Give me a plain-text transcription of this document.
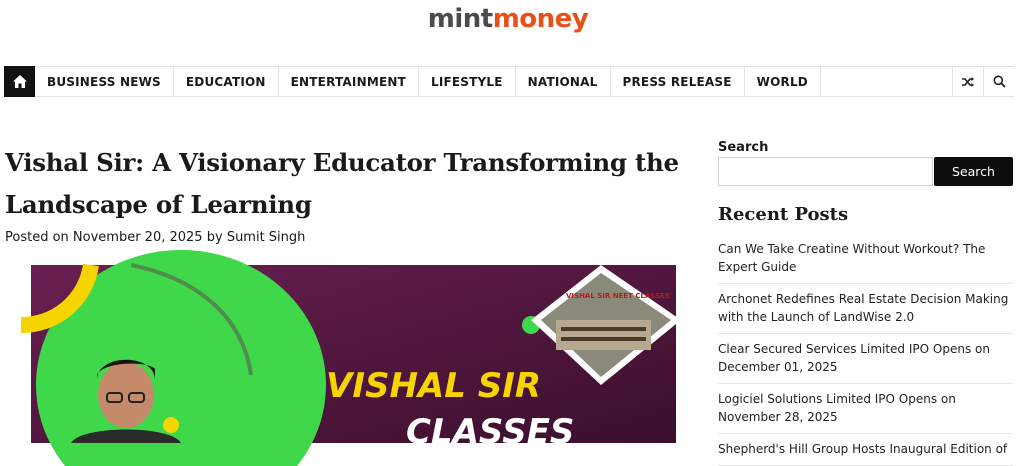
mintmoney
BUSINESS NEWS	EDUCATION	ENTERTAINMENT	LIFESTYLE	NATIONAL	PRESS RELEASE	WORLD
Vishal Sir: A Visionary Educator Transforming the Landscape of Learning
Posted on November 20, 2025 by Sumit Singh
VISHAL SIR NEET CLASSES
VISHAL SIR
CLASSES
Search
Search
Recent Posts
Can We Take Creatine Without Workout? The Expert Guide
Archonet Redefines Real Estate Decision Making with the Launch of LandWise 2.0
Clear Secured Services Limited IPO Opens on December 01, 2025
Logiciel Solutions Limited IPO Opens on November 28, 2025
Shepherd's Hill Group Hosts Inaugural Edition of
